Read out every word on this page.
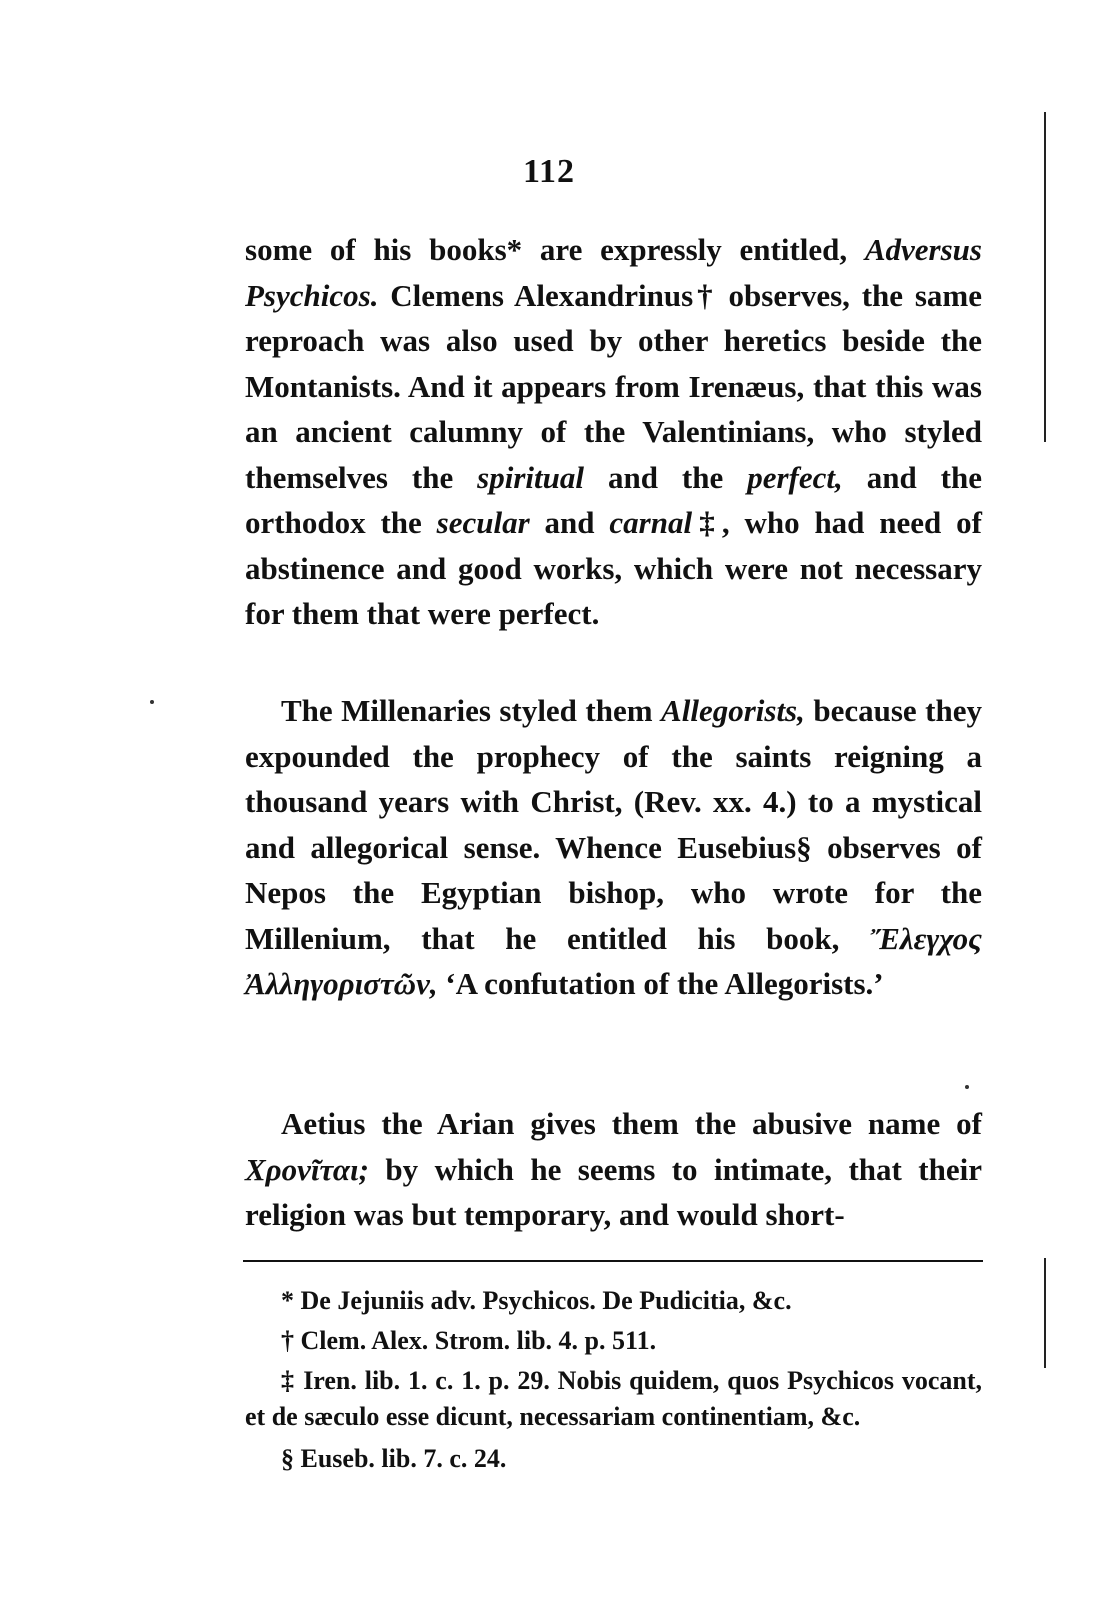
112

some of his books* are expressly entitled, Adversus Psychicos. Clemens Alexandrinus† observes, the same reproach was also used by other heretics beside the Montanists. And it appears from Irenæus, that this was an ancient calumny of the Valentinians, who styled themselves the spiritual and the perfect, and the orthodox the secular and carnal‡, who had need of abstinence and good works, which were not necessary for them that were perfect.

The Millenaries styled them Allegorists, because they expounded the prophecy of the saints reigning a thousand years with Christ, (Rev. xx. 4.) to a mystical and allegorical sense. Whence Eusebius§ observes of Nepos the Egyptian bishop, who wrote for the Millenium, that he entitled his book, Ἔλεγχος Ἀλληγοριστῶν, ‘A confutation of the Allegorists.’

Aetius the Arian gives them the abusive name of Χρονῖται; by which he seems to intimate, that their religion was but temporary, and would short-

* De Jejuniis adv. Psychicos. De Pudicitia, &c.

† Clem. Alex. Strom. lib. 4. p. 511.

‡ Iren. lib. 1. c. 1. p. 29. Nobis quidem, quos Psychicos vocant, et de sæculo esse dicunt, necessariam continentiam, &c.

§ Euseb. lib. 7. c. 24.
